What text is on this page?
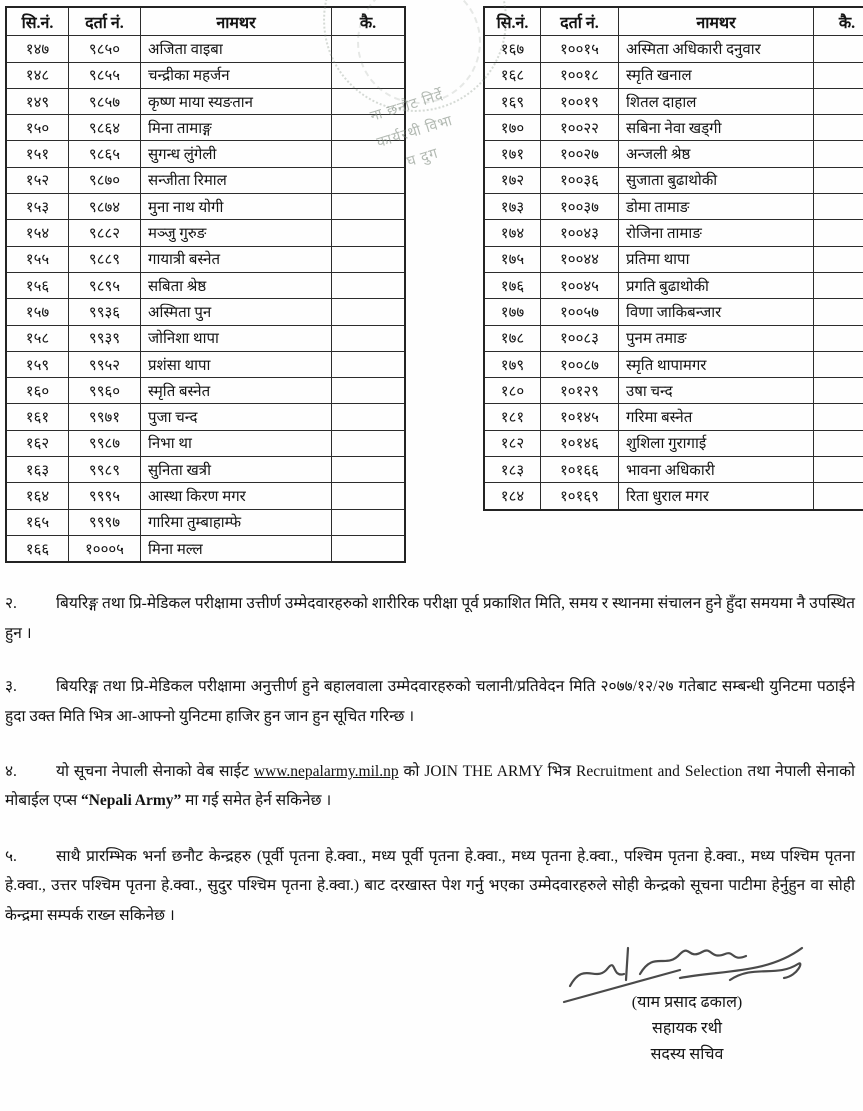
सि.नं.	दर्ता नं.	नामथर	कै.
१४७	९८५०	अजिता वाइबा	
१४८	९८५५	चन्द्रीका महर्जन	
१४९	९८५७	कृष्ण माया स्यङतान	
१५०	९८६४	मिना तामाङ्ग	
१५१	९८६५	सुगन्ध लुंगेली	
१५२	९८७०	सन्जीता रिमाल	
१५३	९८७४	मुना नाथ योगी	
१५४	९८८२	मञ्जु गुरुङ	
१५५	९८८९	गायात्री बस्नेत	
१५६	९८९५	सबिता श्रेष्ठ	
१५७	९९३६	अस्मिता पुन	
१५८	९९३९	जोनिशा थापा	
१५९	९९५२	प्रशंसा थापा	
१६०	९९६०	स्मृति बस्नेत	
१६१	९९७१	पुजा चन्द	
१६२	९९८७	निभा था	
१६३	९९८९	सुनिता खत्री	
१६४	९९९५	आस्था किरण मगर	
१६५	९९९७	गारिमा तुम्बाहाम्फे	
१६६	१०००५	मिना मल्ल	
सि.नं.	दर्ता नं.	नामथर	कै.
१६७	१००१५	अस्मिता अधिकारी दनुवार	
१६८	१००१८	स्मृति खनाल	
१६९	१००१९	शितल दाहाल	
१७०	१००२२	सबिना नेवा खड्गी	
१७१	१००२७	अन्जली श्रेष्ठ	
१७२	१००३६	सुजाता बुढाथोकी	
१७३	१००३७	डोमा तामाङ	
१७४	१००४३	रोजिना तामाङ	
१७५	१००४४	प्रतिमा थापा	
१७६	१००४५	प्रगति बुढाथोकी	
१७७	१००५७	विणा जाकिबन्जार	
१७८	१००८३	पुनम तमाङ	
१७९	१००८७	स्मृति थापामगर	
१८०	१०१२९	उषा चन्द	
१८१	१०१४५	गरिमा बस्नेत	
१८२	१०१४६	शुशिला गुरागाई	
१८३	१०१६६	भावना अधिकारी	
१८४	१०१६९	रिता धुराल मगर	
ना छनौट निर्दे
कार्यरथी विभा
घ दुग

२.	बियरिङ्ग तथा प्रि-मेडिकल परीक्षामा उत्तीर्ण उम्मेदवारहरुको शारीरिक परीक्षा पूर्व प्रकाशित मिति, समय र स्थानमा संचालन हुने हुँदा समयमा नै उपस्थित हुन ।

३.	बियरिङ्ग तथा प्रि-मेडिकल परीक्षामा अनुत्तीर्ण हुने बहालवाला उम्मेदवारहरुको चलानी/प्रतिवेदन मिति २०७७/१२/२७ गतेबाट सम्बन्धी युनिटमा पठाईने हुदा उक्त मिति भित्र आ-आफ्नो युनिटमा हाजिर हुन जान हुन सूचित गरिन्छ ।

४.	यो सूचना नेपाली सेनाको वेब साईट www.nepalarmy.mil.np को JOIN THE ARMY भित्र Recruitment and Selection तथा नेपाली सेनाको मोबाईल एप्स “Nepali Army” मा गई समेत हेर्न सकिनेछ ।

५.	साथै प्रारम्भिक भर्ना छनौट केन्द्रहरु (पूर्वी पृतना हे.क्वा., मध्य पूर्वी पृतना हे.क्वा., मध्य पृतना हे.क्वा., पश्चिम पृतना हे.क्वा., मध्य पश्चिम पृतना हे.क्वा., उत्तर पश्चिम पृतना हे.क्वा., सुदुर पश्चिम पृतना हे.क्वा.) बाट दरखास्त पेश गर्नु भएका उम्मेदवारहरुले सोही केन्द्रको सूचना पाटीमा हेर्नुहुन वा सोही केन्द्रमा सम्पर्क राख्न सकिनेछ ।

(याम प्रसाद ढकाल)
सहायक रथी
सदस्य सचिव
